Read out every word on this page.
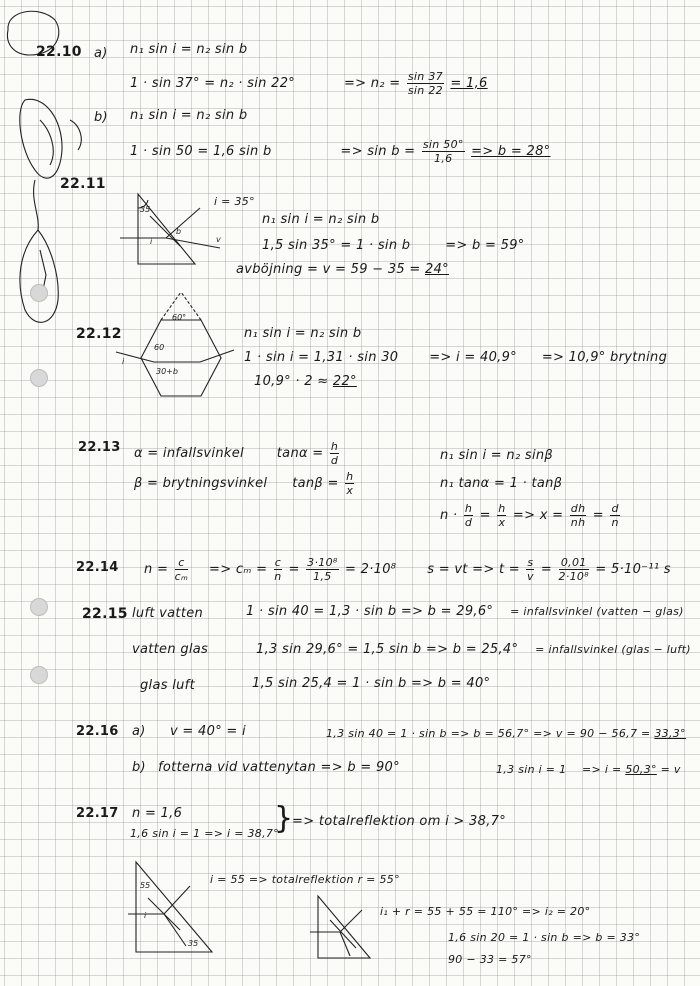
22.10 a) n₁ sin i = n₂ sin b
1 · sin 37° = n₂ · sin 22°	=> $n_2 = \frac{\sin 37}{\sin 22} = 1,6$
b) n₁ sin i = n₂ sin b
1 · sin 50 = 1,6 sin b	=> $\sin b = \frac{\sin 50^\circ}{1,6} => b = 28^\circ$
22.11
35
i
b
v
i = 35°
n₁ sin i = n₂ sin b
1,5 sin 35° = 1 · sin b	=> b = 59°
avböjning = v = 59 − 35 = 24°
22.12
60°
60
i
30+b
n₁ sin i = n₂ sin b
1 · sin i = 1,31 · sin 30 => i = 40,9° => 10,9° brytning
10,9° · 2 ≈ 22°
22.13 α = infallsvinkel	$\tan\alpha = \frac{h}{d}$
β = brytningsvinkel $\tan\beta = \frac{h}{x}$
n₁ sin i = n₂ sinβ
n₁ tanα = 1 · tanβ
$n \cdot \frac{h}{d} = \frac{h}{x} => x = \frac{dh}{nh} = \frac{d}{n}$
22.14 $n = \frac{c}{\text{cₘ}} => c_m = \frac{c}{n} = \frac{\text{3·10⁸}}{1,5} = 2\cdot 10^8$ s = vt => $t = \frac{s}{v} = \frac{0,01}{\text{2·10⁸}} = 5\cdot 10^{-11}$ s
22.15 luft vatten	1 · sin 40 = 1,3 · sin b => b = 29,6° = infallsvinkel (vatten − glas)
vatten glas	1,3 sin 29,6° = 1,5 sin b => b = 25,4° = infallsvinkel (glas − luft)
glas luft	1,5 sin 25,4 = 1 · sin b => b = 40°
22.16 a) v = 40° = i	1,3 sin 40 = 1 · sin b => b = 56,7° => v = 90 − 56,7 = 33,3°
b) fotterna vid vattenytan => b = 90°	1,3 sin i = 1 => i = 50,3° = v
22.17 n = 1,6
1,6 sin i = 1 => i = 38,7°
}
=> totalreflektion om i > 38,7°
55
i
35
i = 55 => totalreflektion r = 55°
i₁ + r = 55 + 55 = 110° => i₂ = 20°
1,6 sin 20 = 1 · sin b => b = 33°
90 − 33 = 57°
